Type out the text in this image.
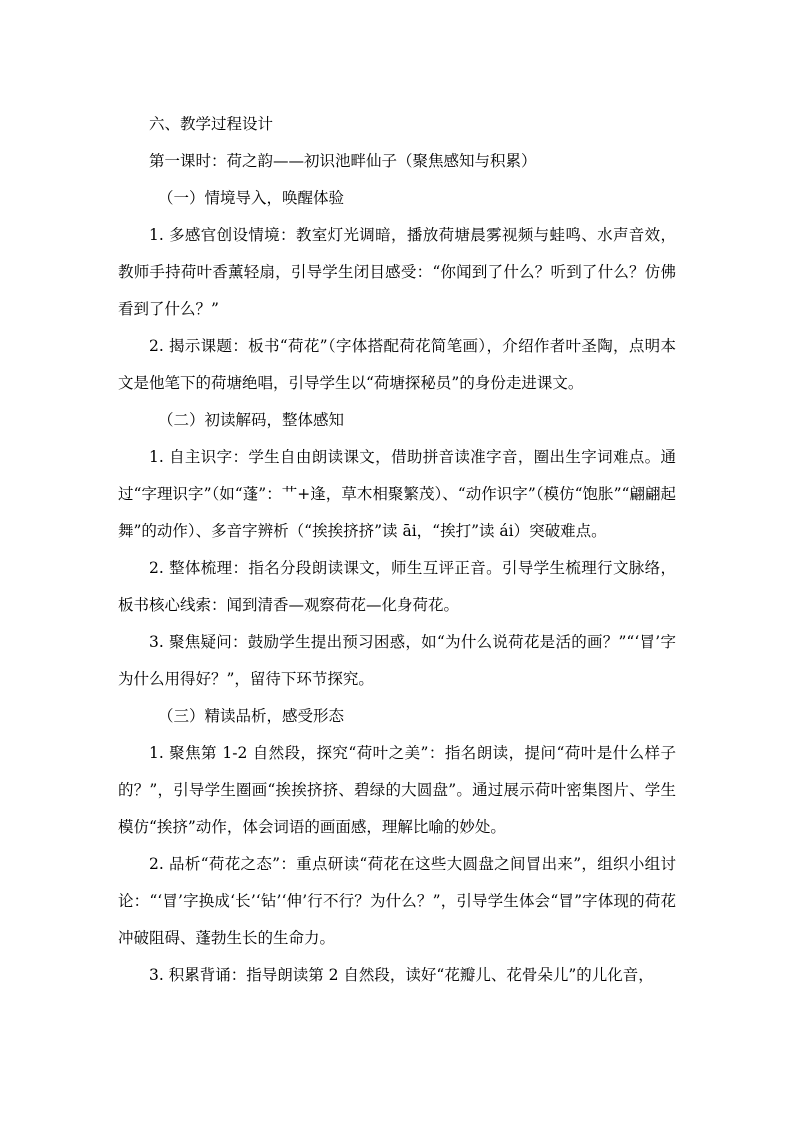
六、教学过程设计

第一课时：荷之韵——初识池畔仙子（聚焦感知与积累）

（一）情境导入，唤醒体验

1. 多感官创设情境：教室灯光调暗，播放荷塘晨雾视频与蛙鸣、水声音效，教师手持荷叶香薰轻扇，引导学生闭目感受：“你闻到了什么？听到了什么？仿佛看到了什么？”

2. 揭示课题：板书“荷花”（字体搭配荷花简笔画），介绍作者叶圣陶，点明本文是他笔下的荷塘绝唱，引导学生以“荷塘探秘员”的身份走进课文。

（二）初读解码，整体感知

1. 自主识字：学生自由朗读课文，借助拼音读准字音，圈出生字词难点。通过“字理识字”（如“蓬”：艹+逢，草木相聚繁茂）、“动作识字”（模仿“饱胀”“翩翩起舞”的动作）、多音字辨析（“挨挨挤挤”读 āi，“挨打”读 ái）突破难点。

2. 整体梳理：指名分段朗读课文，师生互评正音。引导学生梳理行文脉络，板书核心线索：闻到清香—观察荷花—化身荷花。

3. 聚焦疑问：鼓励学生提出预习困惑，如“为什么说荷花是活的画？”“‘冒’字为什么用得好？”，留待下环节探究。

（三）精读品析，感受形态

1. 聚焦第 1-2 自然段，探究“荷叶之美”：指名朗读，提问“荷叶是什么样子的？”，引导学生圈画“挨挨挤挤、碧绿的大圆盘”。通过展示荷叶密集图片、学生模仿“挨挤”动作，体会词语的画面感，理解比喻的妙处。

2. 品析“荷花之态”：重点研读“荷花在这些大圆盘之间冒出来”，组织小组讨论：“‘冒’字换成‘长’‘钻’‘伸’行不行？为什么？”，引导学生体会“冒”字体现的荷花冲破阻碍、蓬勃生长的生命力。

3. 积累背诵：指导朗读第 2 自然段，读好“花瓣儿、花骨朵儿”的儿化音，
